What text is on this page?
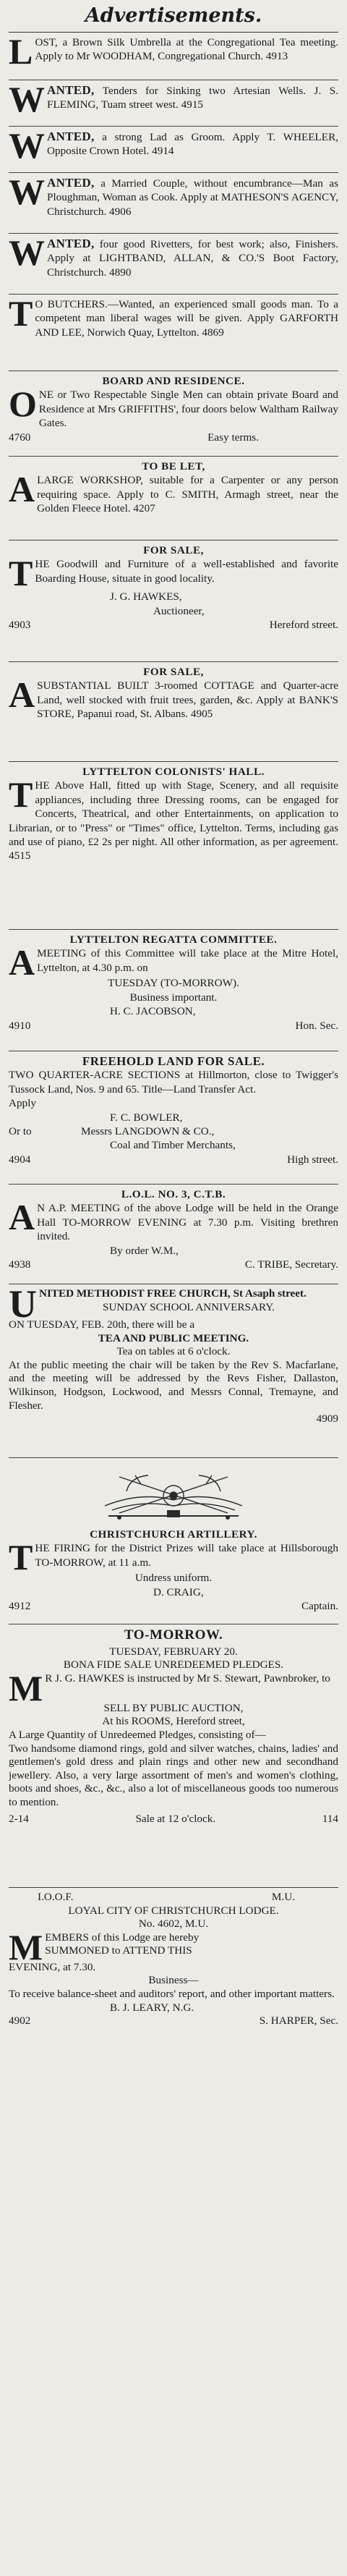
Advertisements.
L OST, a Brown Silk Umbrella at the Congregational Tea meeting. Apply to Mr WOODHAM, Congregational Church. 4913

W ANTED, Tenders for Sinking two Artesian Wells. J. S. FLEMING, Tuam street west. 4915

W ANTED, a strong Lad as Groom. Apply T. WHEELER, Opposite Crown Hotel. 4914

W ANTED, a Married Couple, without encumbrance—Man as Ploughman, Woman as Cook. Apply at MATHESON'S AGENCY, Christchurch. 4906

W ANTED, four good Rivetters, for best work; also, Finishers. Apply at LIGHTBAND, ALLAN, & CO.'S Boot Factory, Christchurch. 4890

T O BUTCHERS.—Wanted, an experienced small goods man. To a competent man liberal wages will be given. Apply GARFORTH AND LEE, Norwich Quay, Lyttelton. 4869

BOARD AND RESIDENCE.
O NE or Two Respectable Single Men can obtain private Board and Residence at Mrs GRIFFITHS', four doors below Waltham Railway Gates.

4760	Easy terms.
TO BE LET,
A LARGE WORKSHOP, suitable for a Carpenter or any person requiring space. Apply to C. SMITH, Armagh street, near the Golden Fleece Hotel. 4207

FOR SALE,
T HE Goodwill and Furniture of a well-established and favorite Boarding House, situate in good locality.

J. G. HAWKES,
Auctioneer,
4903	Hereford street.
FOR SALE,
A SUBSTANTIAL BUILT 3-roomed COTTAGE and Quarter-acre Land, well stocked with fruit trees, garden, &c. Apply at BANK'S STORE, Papanui road, St. Albans. 4905

LYTTELTON COLONISTS' HALL.
T HE Above Hall, fitted up with Stage, Scenery, and all requisite appliances, including three Dressing rooms, can be engaged for Concerts, Theatrical, and other Entertainments, on application to Librarian, or to "Press" or "Times" office, Lyttelton. Terms, including gas and use of piano, £2 2s per night. All other information, as per agreement. 4515

LYTTELTON REGATTA COMMITTEE.
A MEETING of this Committee will take place at the Mitre Hotel, Lyttelton, at 4.30 p.m. on

TUESDAY (TO-MORROW).
Business important.
H. C. JACOBSON,
4910	Hon. Sec.
FREEHOLD LAND FOR SALE.

TWO QUARTER-ACRE SECTIONS at Hillmorton, close to Twigger's Tussock Land, Nos. 9 and 65. Title—Land Transfer Act.

Apply
F. C. BOWLER,
Or to	Messrs LANGDOWN & CO.,
Coal and Timber Merchants,
4904	High street.
L.O.L. NO. 3, C.T.B.
A N A.P. MEETING of the above Lodge will be held in the Orange Hall TO-MORROW EVENING at 7.30 p.m. Visiting brethren invited.

By order W.M.,
4938	C. TRIBE, Secretary.
U NITED METHODIST FREE CHURCH, St Asaph street.

SUNDAY SCHOOL ANNIVERSARY.
ON TUESDAY, FEB. 20th, there will be a
TEA AND PUBLIC MEETING.
Tea on tables at 6 o'clock.

At the public meeting the chair will be taken by the Rev S. Macfarlane, and the meeting will be addressed by the Revs Fisher, Dallaston, Wilkinson, Hodgson, Lockwood, and Messrs Connal, Tremayne, and Flesher.

4909
CHRISTCHURCH ARTILLERY.
T HE FIRING for the District Prizes will take place at Hillsborough TO-MORROW, at 11 a.m.

Undress uniform.
D. CRAIG,
4912	Captain.
TO-MORROW.
TUESDAY, FEBRUARY 20.
BONA FIDE SALE UNREDEEMED PLEDGES.
M R J. G. HAWKES is instructed by Mr S. Stewart, Pawnbroker, to

SELL BY PUBLIC AUCTION,
At his ROOMS, Hereford street,

A Large Quantity of Unredeemed Pledges, consisting of—

Two handsome diamond rings, gold and silver watches, chains, ladies' and gentlemen's gold dress and plain rings and other new and secondhand jewellery. Also, a very large assortment of men's and women's clothing, boots and shoes, &c., &c., also a lot of miscellaneous goods too numerous to mention.

2-14	Sale at 12 o'clock.	114
I.O.O.F.	M.U.
LOYAL CITY OF CHRISTCHURCH LODGE.
No. 4602, M.U.
M EMBERS of this Lodge are hereby

SUMMONED to ATTEND THIS

EVENING, at 7.30.

Business—

To receive balance-sheet and auditors' report, and other important matters.

B. J. LEARY, N.G.
4902	S. HARPER, Sec.
